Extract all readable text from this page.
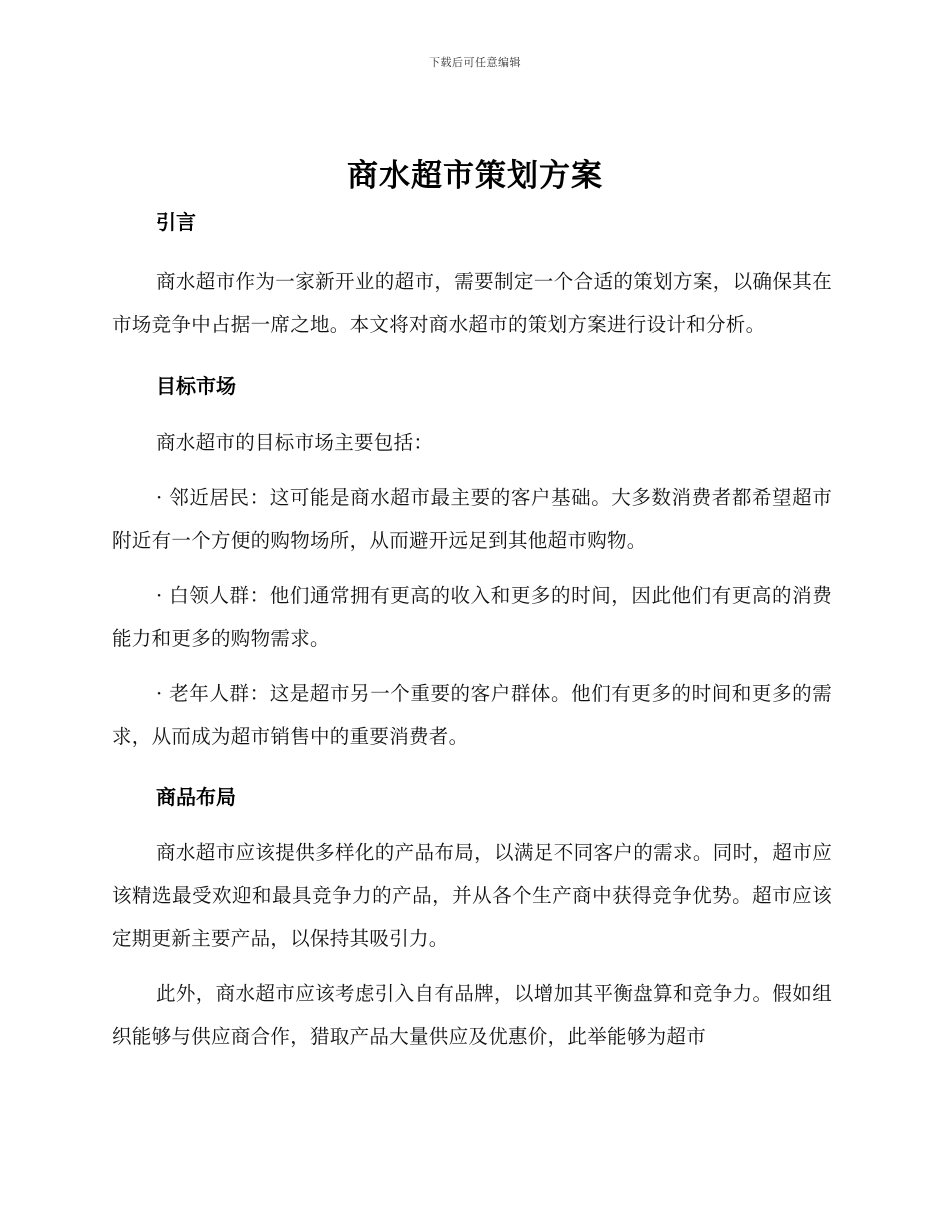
下载后可任意编辑
商水超市策划方案
引言

商水超市作为一家新开业的超市，需要制定一个合适的策划方案，以确保其在市场竞争中占据一席之地。本文将对商水超市的策划方案进行设计和分析。

目标市场

商水超市的目标市场主要包括：

· 邻近居民：这可能是商水超市最主要的客户基础。大多数消费者都希望超市附近有一个方便的购物场所，从而避开远足到其他超市购物。

· 白领人群：他们通常拥有更高的收入和更多的时间，因此他们有更高的消费能力和更多的购物需求。

· 老年人群：这是超市另一个重要的客户群体。他们有更多的时间和更多的需求，从而成为超市销售中的重要消费者。

商品布局

商水超市应该提供多样化的产品布局，以满足不同客户的需求。同时，超市应该精选最受欢迎和最具竞争力的产品，并从各个生产商中获得竞争优势。超市应该定期更新主要产品，以保持其吸引力。

此外，商水超市应该考虑引入自有品牌，以增加其平衡盘算和竞争力。假如组织能够与供应商合作，猎取产品大量供应及优惠价，此举能够为超市
